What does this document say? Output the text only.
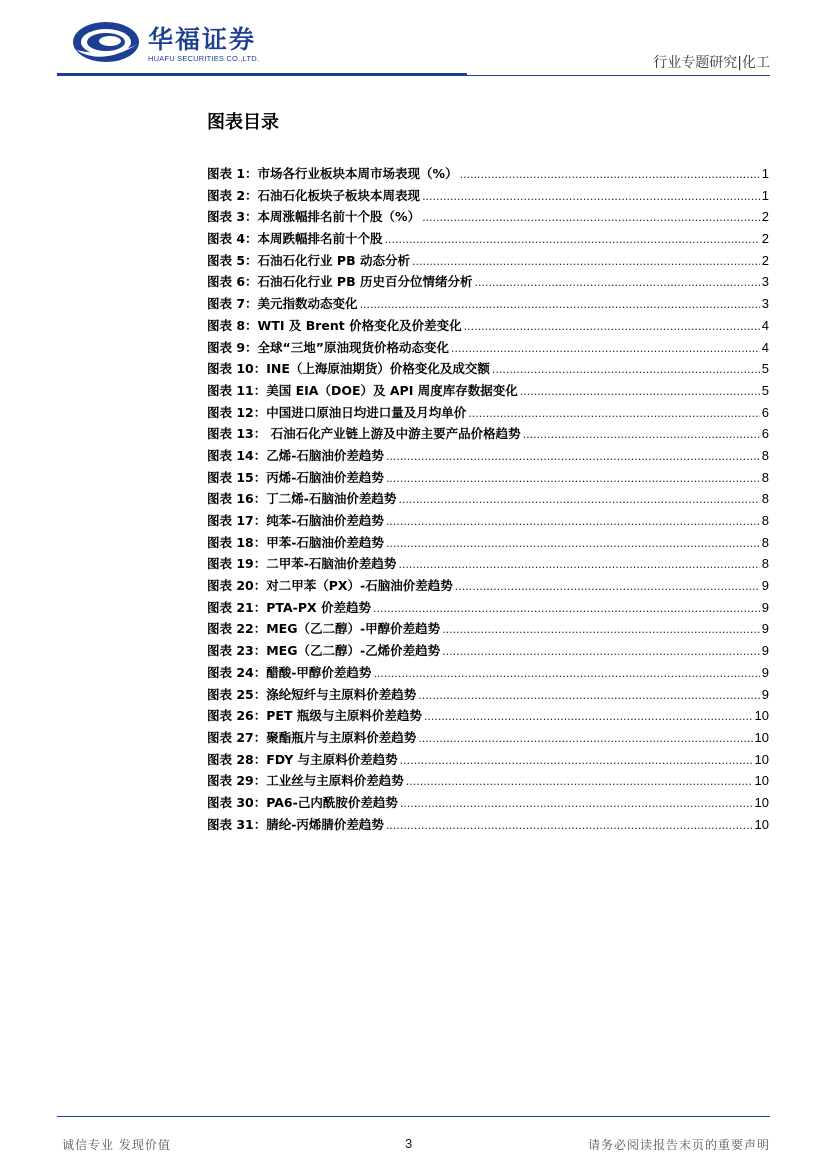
华福证券
HUAFU SECURITIES CO.,LTD.	行业专题研究|化工
图表目录
图表 1：市场各行业板块本周市场表现（%） .....	1
图表 2：石油石化板块子板块本周表现 .....	1
图表 3：本周涨幅排名前十个股（%） .....	2
图表 4：本周跌幅排名前十个股 .....	2
图表 5：石油石化行业 PB 动态分析 .....	2
图表 6：石油石化行业 PB 历史百分位情绪分析 .....	3
图表 7：美元指数动态变化 .....	3
图表 8：WTI 及 Brent 价格变化及价差变化 .....	4
图表 9：全球“三地”原油现货价格动态变化 .....	4
图表 10：INE（上海原油期货）价格变化及成交额 .....	5
图表 11：美国 EIA（DOE）及 API 周度库存数据变化 .....	5
图表 12：中国进口原油日均进口量及月均单价 .....	6
图表 13： 石油石化产业链上游及中游主要产品价格趋势 .....	6
图表 14：乙烯-石脑油价差趋势 .....	8
图表 15：丙烯-石脑油价差趋势 .....	8
图表 16：丁二烯-石脑油价差趋势 .....	8
图表 17：纯苯-石脑油价差趋势 .....	8
图表 18：甲苯-石脑油价差趋势 .....	8
图表 19：二甲苯-石脑油价差趋势 .....	8
图表 20：对二甲苯（PX）-石脑油价差趋势 .....	9
图表 21：PTA-PX 价差趋势 .....	9
图表 22：MEG（乙二醇）-甲醇价差趋势 .....	9
图表 23：MEG（乙二醇）-乙烯价差趋势 .....	9
图表 24：醋酸-甲醇价差趋势 .....	9
图表 25：涤纶短纤与主原料价差趋势 .....	9
图表 26：PET 瓶级与主原料价差趋势 .....	10
图表 27：聚酯瓶片与主原料价差趋势 .....	10
图表 28：FDY 与主原料价差趋势 .....	10
图表 29：工业丝与主原料价差趋势 .....	10
图表 30：PA6-己内酰胺价差趋势 .....	10
图表 31：腈纶-丙烯腈价差趋势 .....	10
诚信专业 发现价值	3	请务必阅读报告末页的重要声明
